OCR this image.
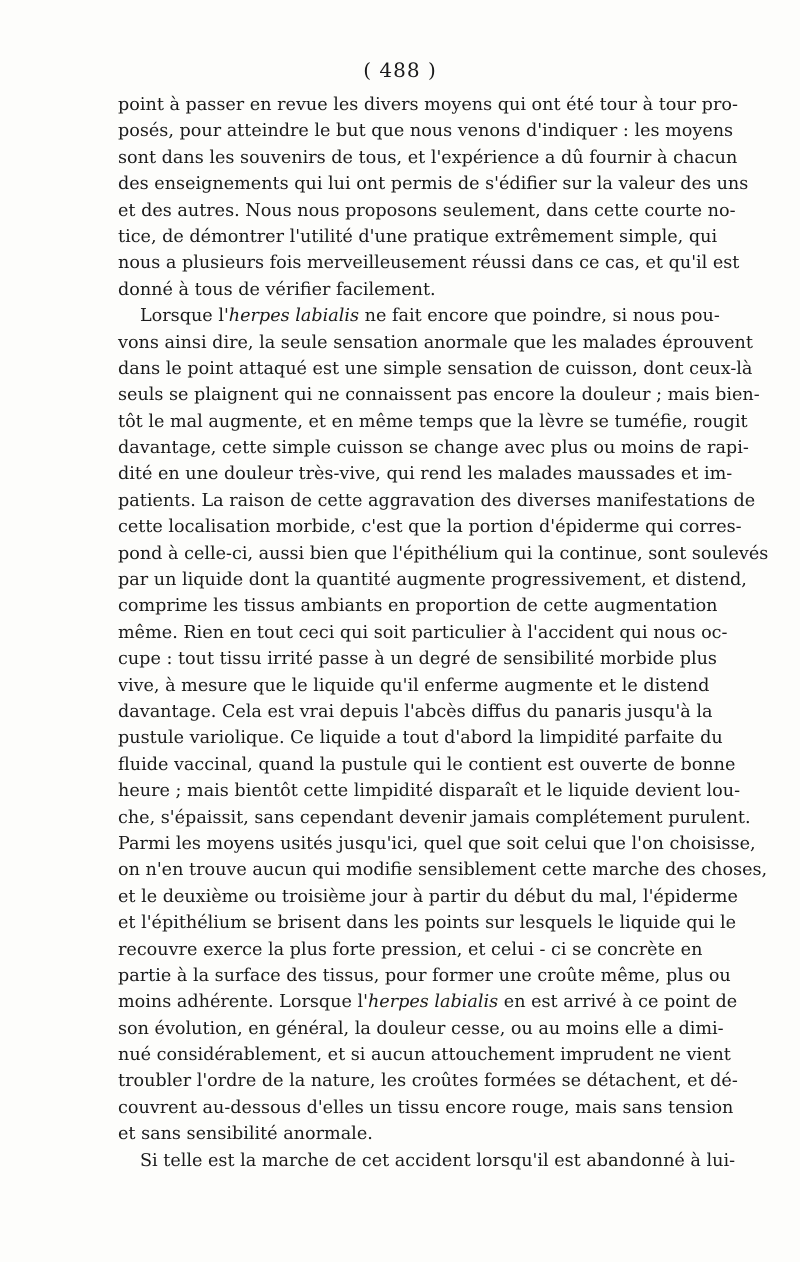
( 488 )
point à passer en revue les divers moyens qui ont été tour à tour pro-
posés, pour atteindre le but que nous venons d'indiquer : les moyens
sont dans les souvenirs de tous, et l'expérience a dû fournir à chacun
des enseignements qui lui ont permis de s'édifier sur la valeur des uns
et des autres. Nous nous proposons seulement, dans cette courte no-
tice, de démontrer l'utilité d'une pratique extrêmement simple, qui
nous a plusieurs fois merveilleusement réussi dans ce cas, et qu'il est
donné à tous de vérifier facilement.
Lorsque l'herpes labialis ne fait encore que poindre, si nous pou-
vons ainsi dire, la seule sensation anormale que les malades éprouvent
dans le point attaqué est une simple sensation de cuisson, dont ceux-là
seuls se plaignent qui ne connaissent pas encore la douleur ; mais bien-
tôt le mal augmente, et en même temps que la lèvre se tuméfie, rougit
davantage, cette simple cuisson se change avec plus ou moins de rapi-
dité en une douleur très-vive, qui rend les malades maussades et im-
patients. La raison de cette aggravation des diverses manifestations de
cette localisation morbide, c'est que la portion d'épiderme qui corres-
pond à celle-ci, aussi bien que l'épithélium qui la continue, sont soulevés
par un liquide dont la quantité augmente progressivement, et distend,
comprime les tissus ambiants en proportion de cette augmentation
même. Rien en tout ceci qui soit particulier à l'accident qui nous oc-
cupe : tout tissu irrité passe à un degré de sensibilité morbide plus
vive, à mesure que le liquide qu'il enferme augmente et le distend
davantage. Cela est vrai depuis l'abcès diffus du panaris jusqu'à la
pustule variolique. Ce liquide a tout d'abord la limpidité parfaite du
fluide vaccinal, quand la pustule qui le contient est ouverte de bonne
heure ; mais bientôt cette limpidité disparaît et le liquide devient lou-
che, s'épaissit, sans cependant devenir jamais complétement purulent.
Parmi les moyens usités jusqu'ici, quel que soit celui que l'on choisisse,
on n'en trouve aucun qui modifie sensiblement cette marche des choses,
et le deuxième ou troisième jour à partir du début du mal, l'épiderme
et l'épithélium se brisent dans les points sur lesquels le liquide qui le
recouvre exerce la plus forte pression, et celui - ci se concrète en
partie à la surface des tissus, pour former une croûte même, plus ou
moins adhérente. Lorsque l'herpes labialis en est arrivé à ce point de
son évolution, en général, la douleur cesse, ou au moins elle a dimi-
nué considérablement, et si aucun attouchement imprudent ne vient
troubler l'ordre de la nature, les croûtes formées se détachent, et dé-
couvrent au-dessous d'elles un tissu encore rouge, mais sans tension
et sans sensibilité anormale.
Si telle est la marche de cet accident lorsqu'il est abandonné à lui-
